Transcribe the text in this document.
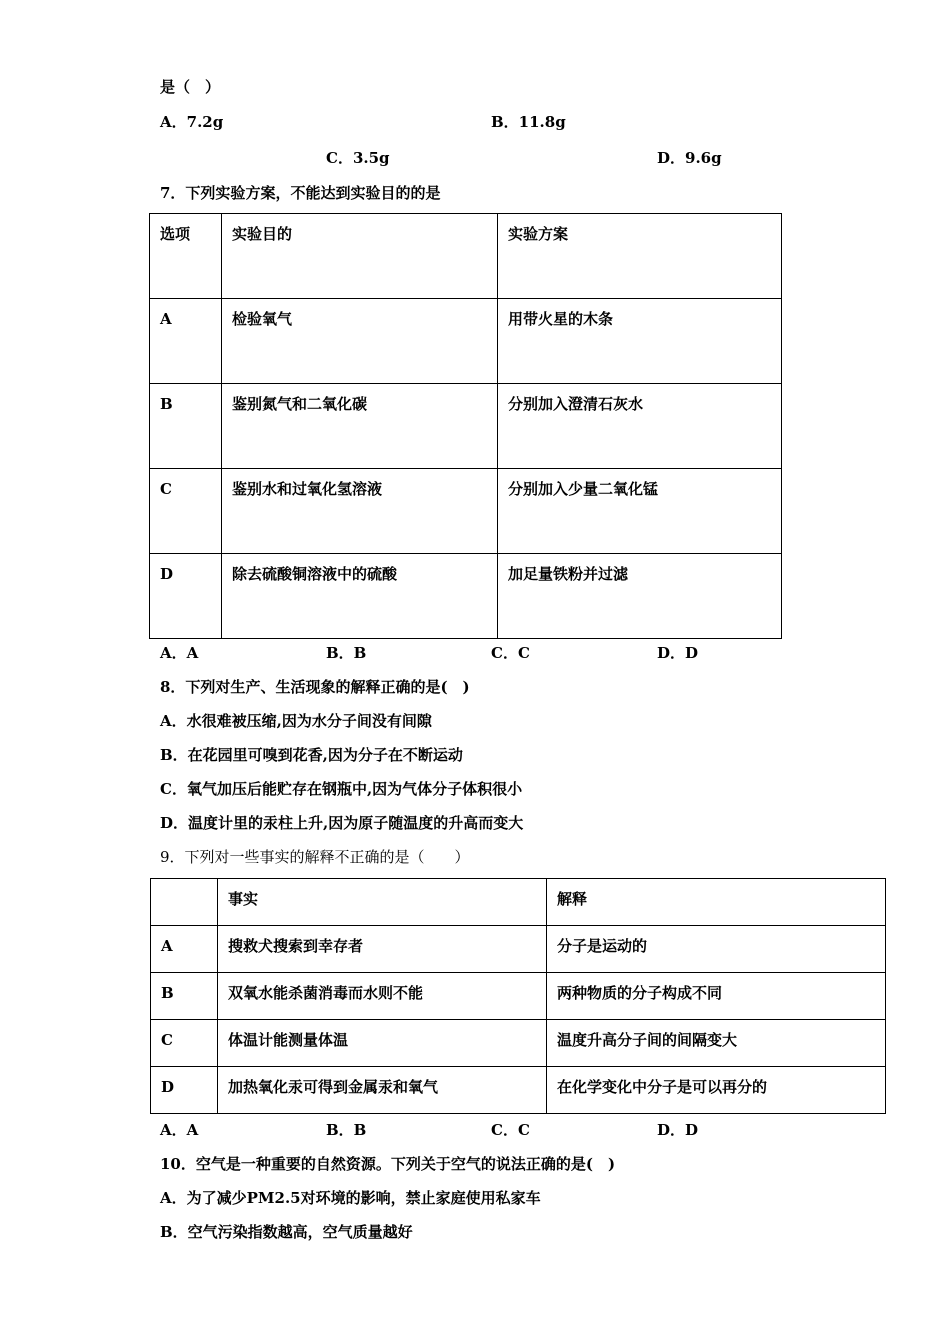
是（　）
A．7.2g	B．11.8g
C．3.5g	D．9.6g
7．下列实验方案，不能达到实验目的的是
选项	实验目的	实验方案

A	检验氧气	用带火星的木条

B	鉴别氮气和二氧化碳	分别加入澄清石灰水

C	鉴别水和过氧化氢溶液	分别加入少量二氧化锰

D	除去硫酸铜溶液中的硫酸	加足量铁粉并过滤
A．A	B．B	C．C	D．D
8．下列对生产、生活现象的解释正确的是(　)
A．水很难被压缩,因为水分子间没有间隙
B．在花园里可嗅到花香,因为分子在不断运动
C．氧气加压后能贮存在钢瓶中,因为气体分子体积很小
D．温度计里的汞柱上升,因为原子随温度的升高而变大
9．下列对一些事实的解释不正确的是（　　）

	事实	解释

A	搜救犬搜索到幸存者	分子是运动的

B	双氧水能杀菌消毒而水则不能	两种物质的分子构成不同

C	体温计能测量体温	温度升高分子间的间隔变大

D	加热氧化汞可得到金属汞和氧气	在化学变化中分子是可以再分的
A．A	B．B	C．C	D．D
10．空气是一种重要的自然资源。下列关于空气的说法正确的是(　)
A．为了减少PM2.5对环境的影响，禁止家庭使用私家车
B．空气污染指数越高，空气质量越好
